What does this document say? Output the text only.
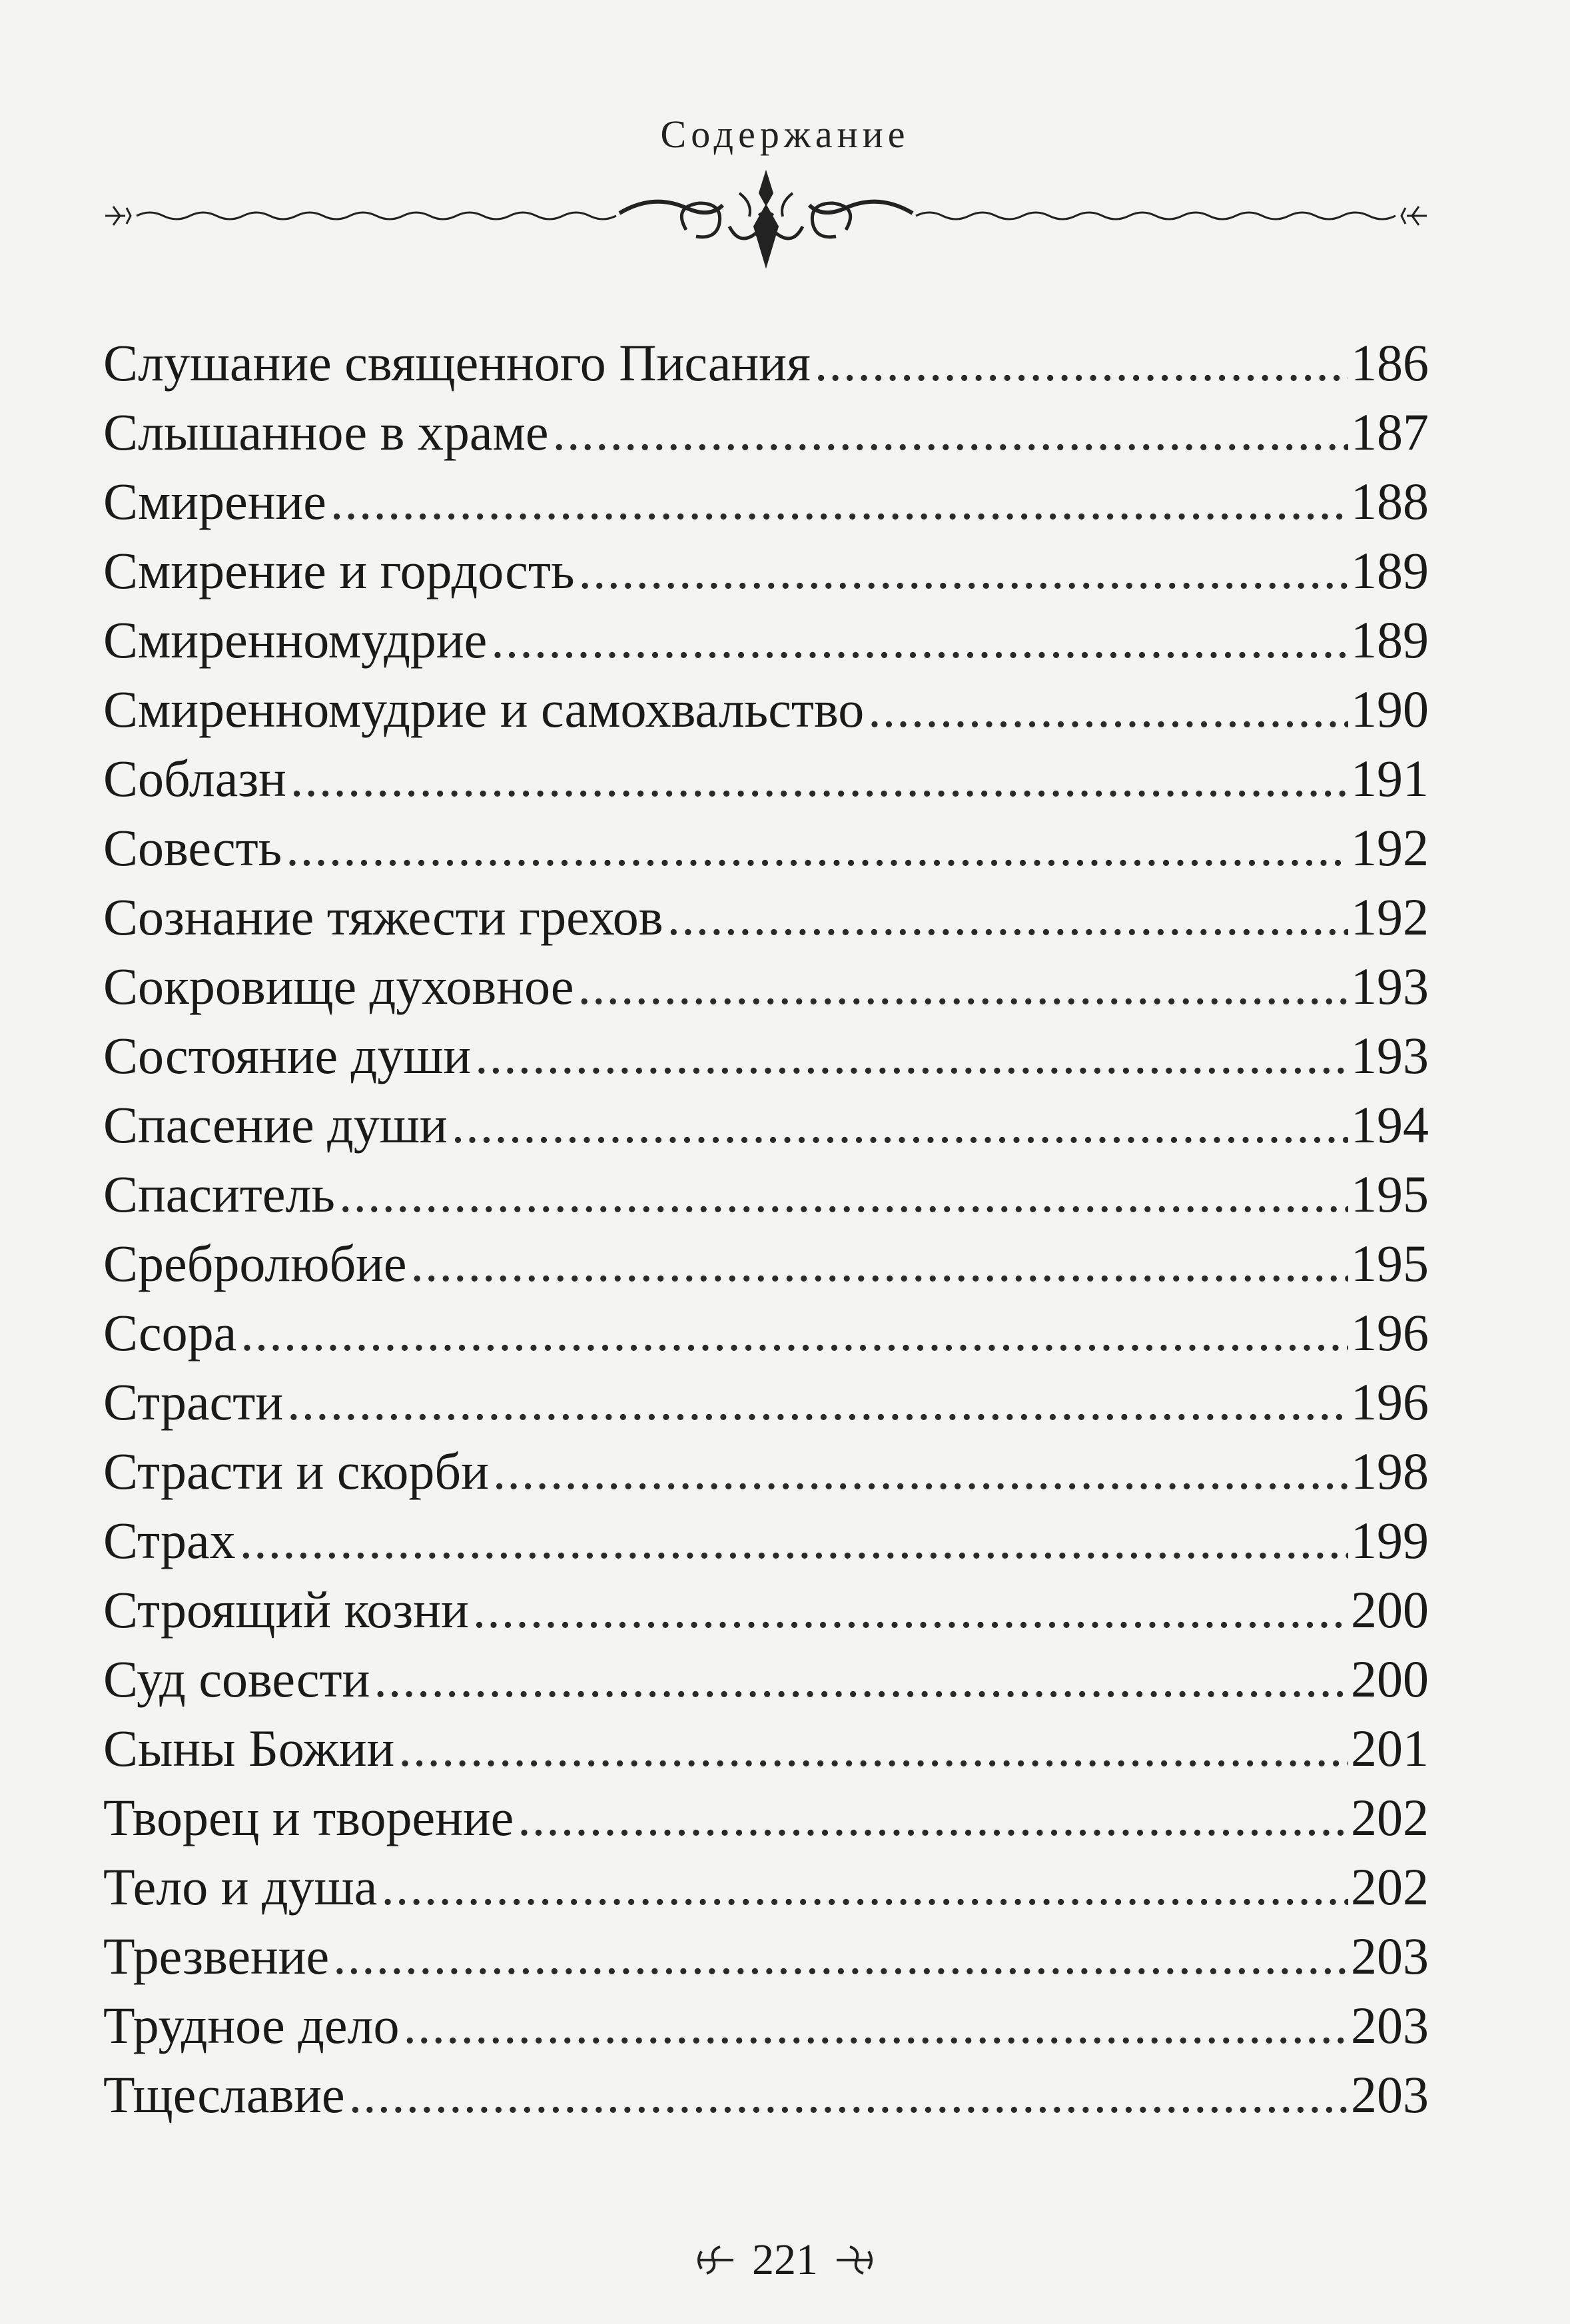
Содержание
Слушание священного Писания .....	186
Слышанное в храме .....	187
Смирение .....	188
Смирение и гордость .....	189
Смиренномудрие .....	189
Смиренномудрие и самохвальство .....	190
Соблазн .....	191
Совесть .....	192
Сознание тяжести грехов .....	192
Сокровище духовное .....	193
Состояние души .....	193
Спасение души .....	194
Спаситель .....	195
Сребролюбие .....	195
Ссора .....	196
Страсти .....	196
Страсти и скорби .....	198
Страх .....	199
Строящий козни .....	200
Суд совести .....	200
Сыны Божии .....	201
Творец и творение .....	202
Тело и душа .....	202
Трезвение .....	203
Трудное дело .....	203
Тщеславие .....	203
221
